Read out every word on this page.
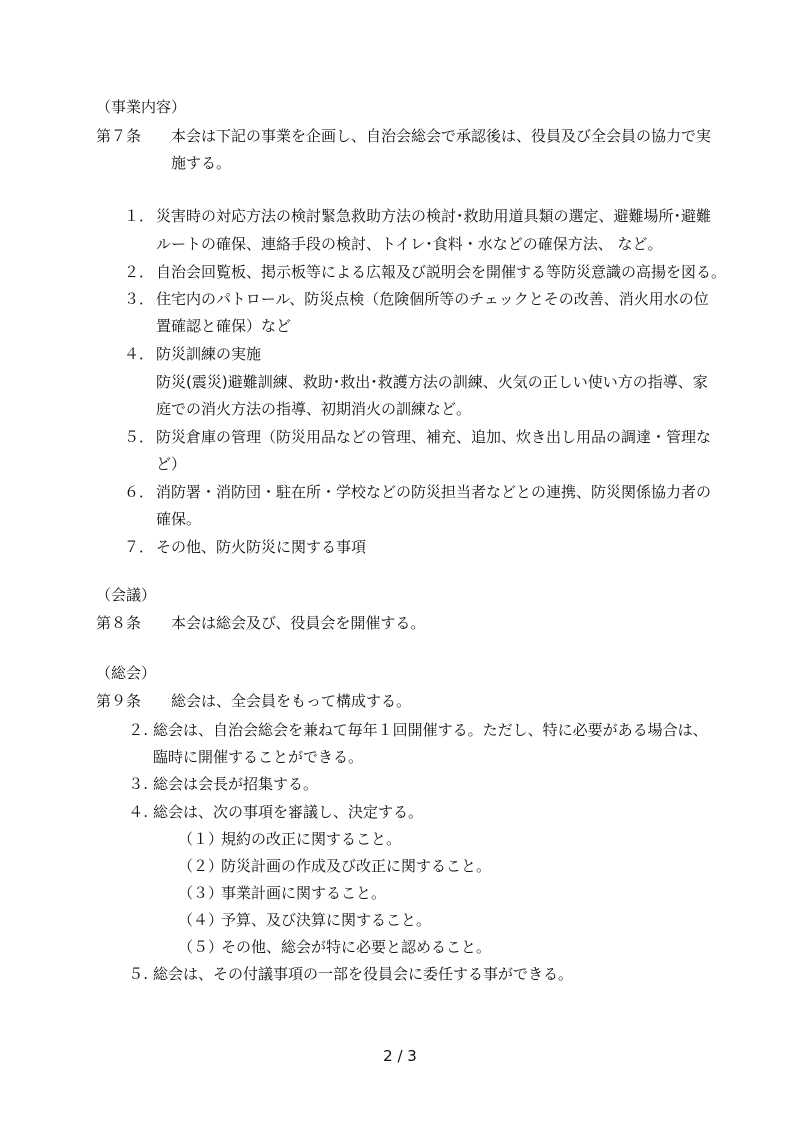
（事業内容）
第７条 本会は下記の事業を企画し、自治会総会で承認後は、役員及び全会員の協力で実
施する。
１． 災害時の対応方法の検討緊急救助方法の検討･救助用道具類の選定、避難場所･避難
ルートの確保、連絡手段の検討、トイレ･食料・水などの確保方法、 など。
２． 自治会回覧板、掲示板等による広報及び説明会を開催する等防災意識の高揚を図る。
３． 住宅内のパトロール、防災点検（危険個所等のチェックとその改善、消火用水の位
置確認と確保）など
４． 防災訓練の実施
防災(震災)避難訓練、救助･救出･救護方法の訓練、火気の正しい使い方の指導、家
庭での消火方法の指導、初期消火の訓練など。
５． 防災倉庫の管理（防災用品などの管理、補充、追加、炊き出し用品の調達・管理な
ど）
６． 消防署・消防団・駐在所・学校などの防災担当者などとの連携、防災関係協力者の
確保。
７． その他、防火防災に関する事項
（会議）
第８条 本会は総会及び、役員会を開催する。
（総会）
第９条 総会は、全会員をもって構成する。
２. 総会は、自治会総会を兼ねて毎年１回開催する。ただし、特に必要がある場合は、
臨時に開催することができる。
３. 総会は会長が招集する。
４. 総会は、次の事項を審議し、決定する。
（１）
規約の改正に関すること。
（２）
防災計画の作成及び改正に関すること。
（３）
事業計画に関すること。
（４）
予算、及び決算に関すること。
（５）
その他、総会が特に必要と認めること。
５. 総会は、その付議事項の一部を役員会に委任する事ができる。
2 / 3
